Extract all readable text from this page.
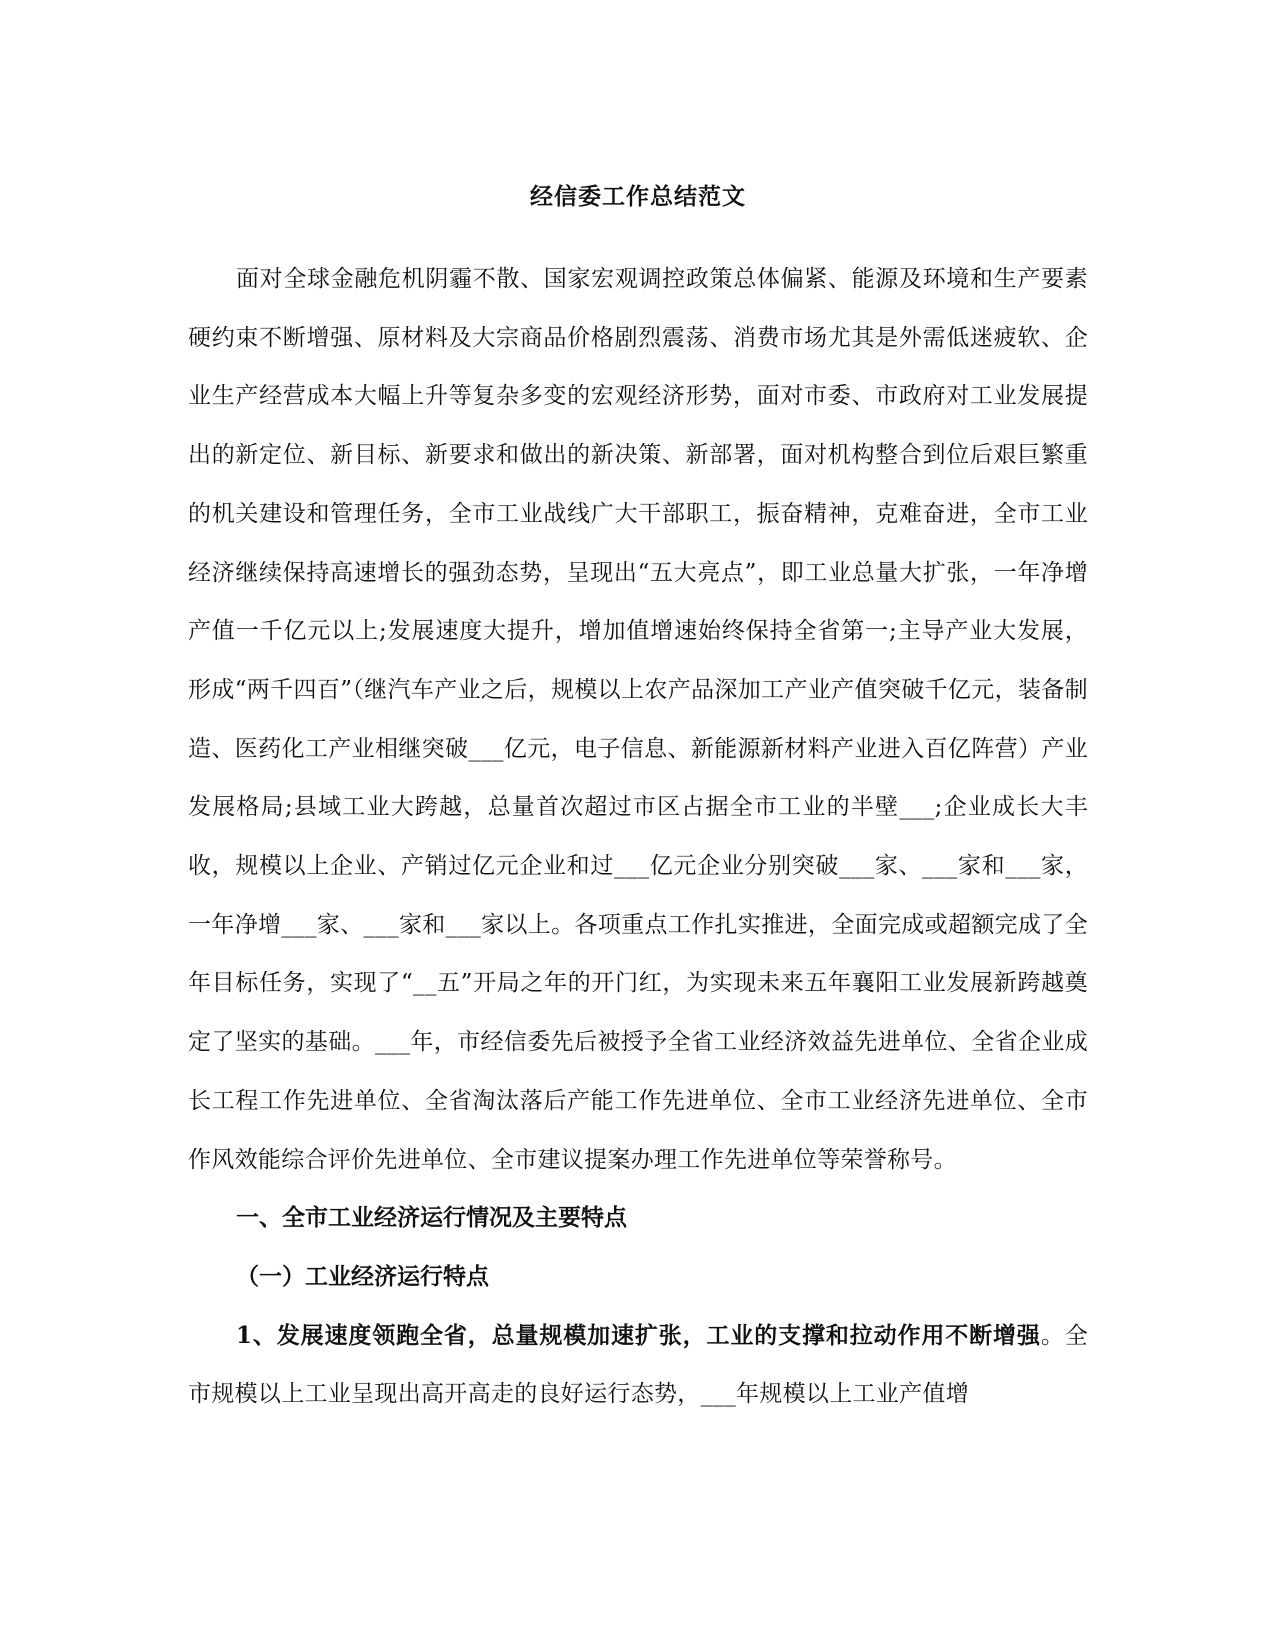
经信委工作总结范文

面对全球金融危机阴霾不散、国家宏观调控政策总体偏紧、能源及环境和生产要素硬约束不断增强、原材料及大宗商品价格剧烈震荡、消费市场尤其是外需低迷疲软、企业生产经营成本大幅上升等复杂多变的宏观经济形势，面对市委、市政府对工业发展提出的新定位、新目标、新要求和做出的新决策、新部署，面对机构整合到位后艰巨繁重的机关建设和管理任务，全市工业战线广大干部职工，振奋精神，克难奋进，全市工业经济继续保持高速增长的强劲态势，呈现出“五大亮点”，即工业总量大扩张，一年净增产值一千亿元以上;发展速度大提升，增加值增速始终保持全省第一;主导产业大发展，形成“两千四百”（继汽车产业之后，规模以上农产品深加工产业产值突破千亿元，装备制造、医药化工产业相继突破___亿元，电子信息、新能源新材料产业进入百亿阵营）产业发展格局;县域工业大跨越，总量首次超过市区占据全市工业的半壁___;企业成长大丰收，规模以上企业、产销过亿元企业和过___亿元企业分别突破___家、___家和___家，一年净增___家、___家和___家以上。各项重点工作扎实推进，全面完成或超额完成了全年目标任务，实现了“__五”开局之年的开门红，为实现未来五年襄阳工业发展新跨越奠定了坚实的基础。___年，市经信委先后被授予全省工业经济效益先进单位、全省企业成长工程工作先进单位、全省淘汰落后产能工作先进单位、全市工业经济先进单位、全市作风效能综合评价先进单位、全市建议提案办理工作先进单位等荣誉称号。

一、全市工业经济运行情况及主要特点

（一）工业经济运行特点

1、发展速度领跑全省，总量规模加速扩张，工业的支撑和拉动作用不断增强。全市规模以上工业呈现出高开高走的良好运行态势，___年规模以上工业产值增
